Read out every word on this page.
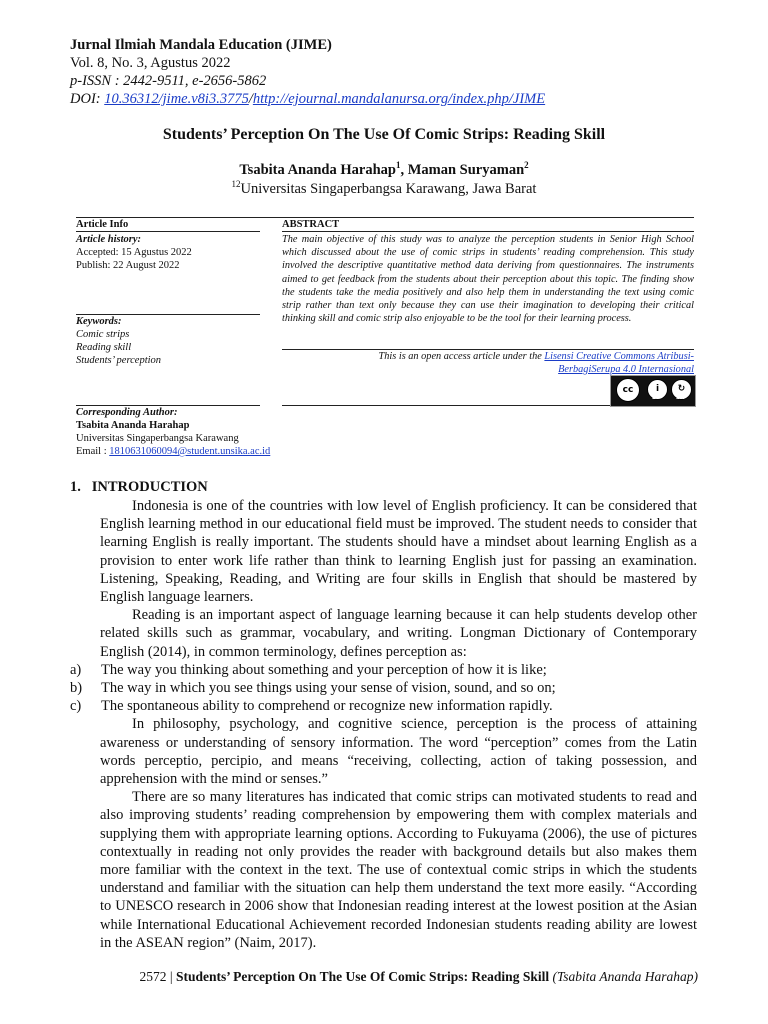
Jurnal Ilmiah Mandala Education (JIME)
Vol. 8, No. 3, Agustus 2022
p-ISSN : 2442-9511, e-2656-5862
DOI: 10.36312/jime.v8i3.3775/http://ejournal.mandalanursa.org/index.php/JIME
Students’ Perception On The Use Of Comic Strips: Reading Skill
Tsabita Ananda Harahap$^1$, Maman Suryaman$^2$
$^{12}$Universitas Singaperbangsa Karawang, Jawa Barat
Article Info
Article history:
Accepted: 15 Agustus 2022
Publish: 22 August 2022
Keywords:
Comic strips
Reading skill
Students’ perception
Corresponding Author:
Tsabita Ananda Harahap
Universitas Singaperbangsa Karawang
Email : 1810631060094@student.unsika.ac.id
ABSTRACT
The main objective of this study was to analyze the perception students in Senior High School which discussed about the use of comic strips in students’ reading comprehension. This study involved the descriptive quantitative method data deriving from questionnaires. The instruments aimed to get feedback from the students about their perception about this topic. The finding show the students take the media positively and also help them in understanding the text using comic strip rather than text only because they can use their imagination to developing their critical thinking skill and comic strip also enjoyable to be the tool for their learning process.
This is an open access article under the Lisensi Creative Commons Atribusi-
BerbagiSerupa 4.0 Internasional
cc	i	↻
BY	SA
1.   INTRODUCTION

Indonesia is one of the countries with low level of English proficiency. It can be considered that English learning method in our educational field must be improved. The student needs to consider that learning English is really important. The students should have a mindset about learning English as a provision to enter work life rather than think to learning English just for passing an examination. Listening, Speaking, Reading, and Writing are four skills in English that should be mastered by English language learners.

Reading is an important aspect of language learning because it can help students develop other related skills such as grammar, vocabulary, and writing. Longman Dictionary of Contemporary English (2014), in common terminology, defines perception as:

a)	The way you thinking about something and your perception of how it is like;
b)	The way in which you see things using your sense of vision, sound, and so on;
c)	The spontaneous ability to comprehend or recognize new information rapidly.

In philosophy, psychology, and cognitive science, perception is the process of attaining awareness or understanding of sensory information. The word “perception” comes from the Latin words perceptio, percipio, and means “receiving, collecting, action of taking possession, and apprehension with the mind or senses.”

There are so many literatures has indicated that comic strips can motivated students to read and also improving students’ reading comprehension by empowering them with complex materials and supplying them with appropriate learning options. According to Fukuyama (2006), the use of pictures contextually in reading not only provides the reader with background details but also makes them more familiar with the context in the text. The use of contextual comic strips in which the students understand and familiar with the situation can help them understand the text more easily. “According to UNESCO research in 2006 show that Indonesian reading interest at the lowest position at the Asian while International Educational Achievement recorded Indonesian students reading ability are lowest in the ASEAN region” (Naim, 2017).

2572 | Students’ Perception On The Use Of Comic Strips: Reading Skill (Tsabita Ananda Harahap)
